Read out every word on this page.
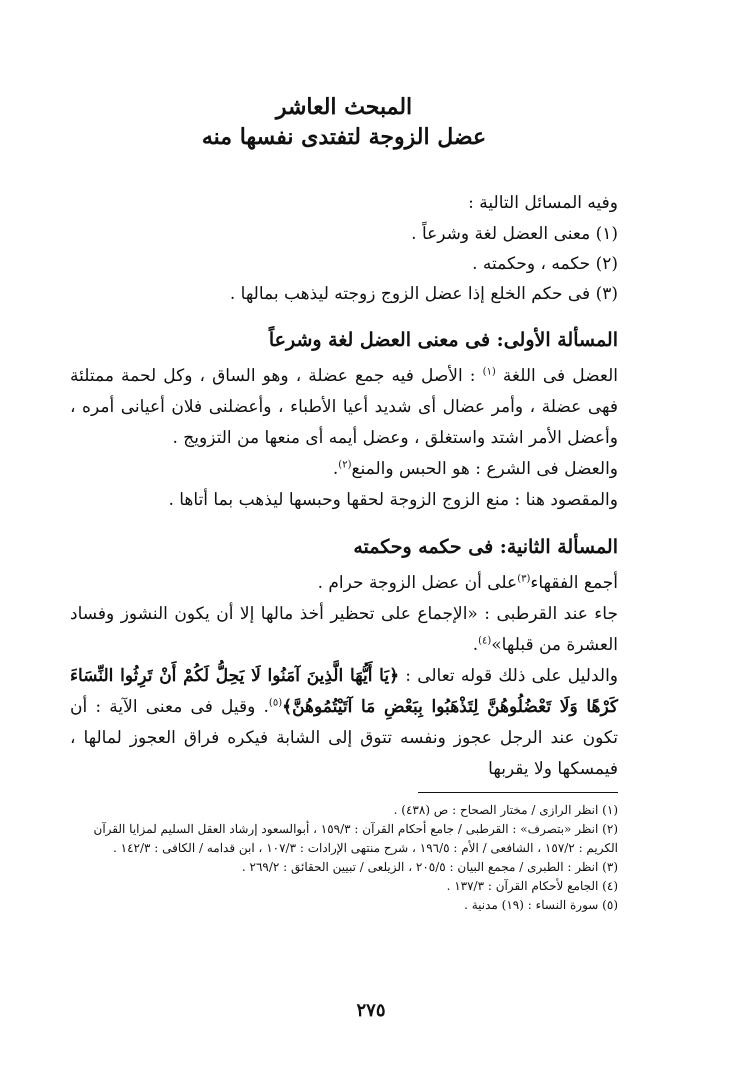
المبحث العاشر
عضل الزوجة لتفتدى نفسها منه

وفيه المسائل التالية :

(١) معنى العضل لغة وشرعاً .

(٢) حكمه ، وحكمته .

(٣) فى حكم الخلع إذا عضل الزوج زوجته ليذهب بمالها .

المسألة الأولى: فى معنى العضل لغة وشرعاً

العضل فى اللغة $^{(١)}$ : الأصل فيه جمع عضلة ، وهو الساق ، وكل لحمة ممتلئة فهى عضلة ، وأمر عضال أى شديد أعيا الأطباء ، وأعضلنى فلان أعيانى أمره ، وأعضل الأمر اشتد واستغلق ، وعضل أيمه أى منعها من التزويج .

والعضل فى الشرع : هو الحبس والمنع$^{(٢)}$.

والمقصود هنا : منع الزوج الزوجة لحقها وحبسها ليذهب بما أتاها .

المسألة الثانية: فى حكمه وحكمته

أجمع الفقهاء$^{(٣)}$على أن عضل الزوجة حرام .

جاء عند القرطبى : «الإجماع على تحظير أخذ مالها إلا أن يكون النشوز وفساد العشرة من قبلها»$^{(٤)}$.

والدليل على ذلك قوله تعالى : ﴿يَا أَيُّهَا الَّذِينَ آمَنُوا لَا يَحِلُّ لَكُمْ أَنْ تَرِثُوا النِّسَاءَ كَرْهًا وَلَا تَعْضُلُوهُنَّ لِتَذْهَبُوا بِبَعْضِ مَا آتَيْتُمُوهُنَّ﴾$^{(٥)}$. وقيل فى معنى الآية : أن تكون عند الرجل عجوز ونفسه تتوق إلى الشابة فيكره فراق العجوز لمالها ، فيمسكها ولا يقربها

(١) انظر الرازى / مختار الصحاح : ص (٤٣٨) .

(٢) انظر «بتصرف» : القرطبى / جامع أحكام القرآن : ١٥٩/٣ ، أبوالسعود إرشاد العقل السليم لمزايا القرآن الكريم : ١٥٧/٢ ، الشافعى / الأم : ١٩٦/٥ ، شرح منتهى الإرادات : ١٠٧/٣ ، ابن قدامه / الكافى : ١٤٢/٣ .

(٣) انظر : الطبرى / مجمع البيان : ٢٠٥/٥ ، الزيلعى / تبيين الحقائق : ٢٦٩/٢ .

(٤) الجامع لأحكام القرآن : ١٣٧/٣ .

(٥) سورة النساء : (١٩) مدنية .

٢٧٥
